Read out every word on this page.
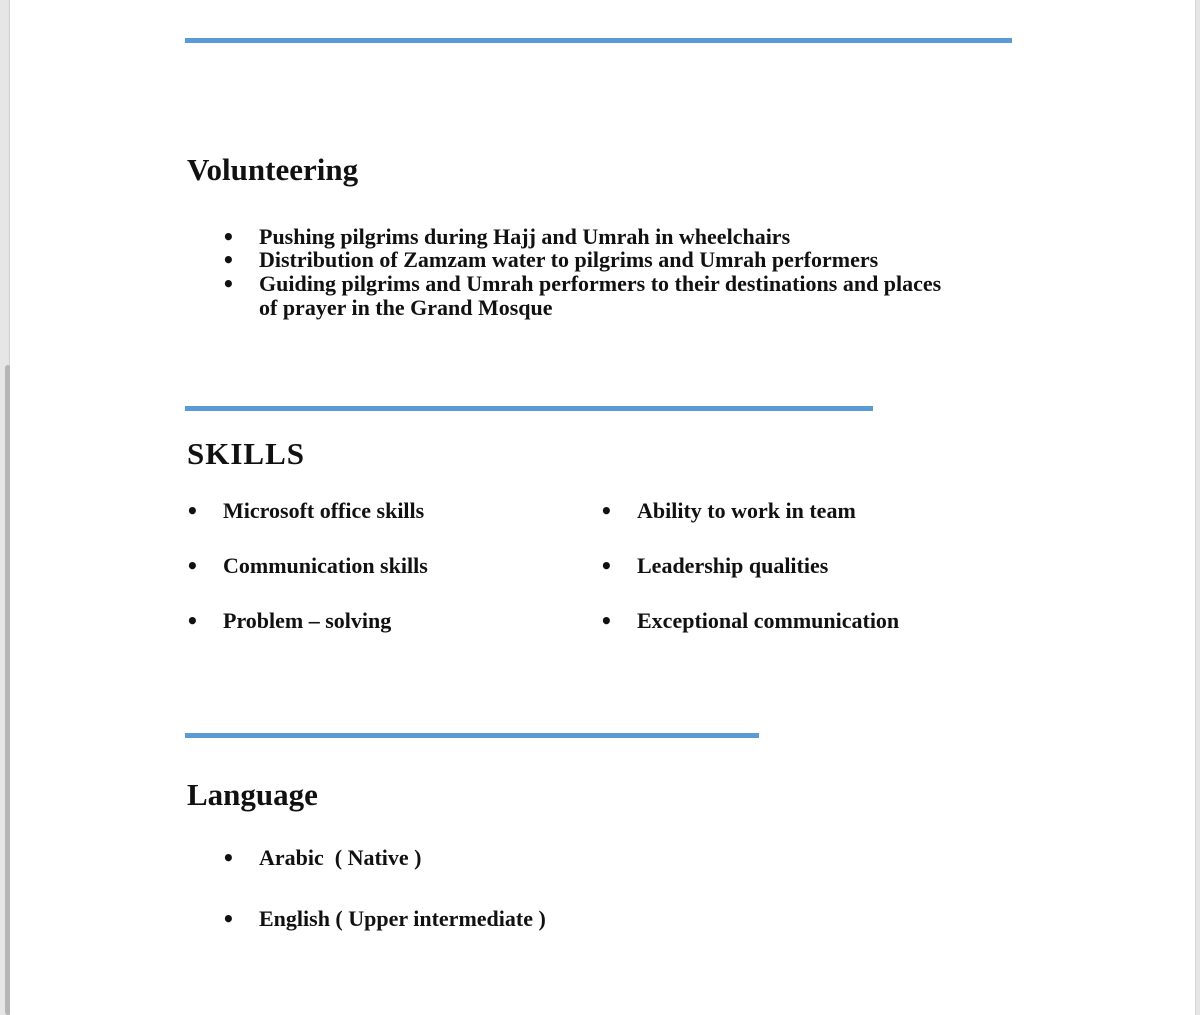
Volunteering
• Pushing pilgrims during Hajj and Umrah in wheelchairs
• Distribution of Zamzam water to pilgrims and Umrah performers
• Guiding pilgrims and Umrah performers to their destinations and places
of prayer in the Grand Mosque
SKILLS
• Microsoft office skills	• Ability to work in team
• Communication skills	• Leadership qualities
• Problem – solving	• Exceptional communication
Language
• Arabic  ( Native )
• English ( Upper intermediate )
